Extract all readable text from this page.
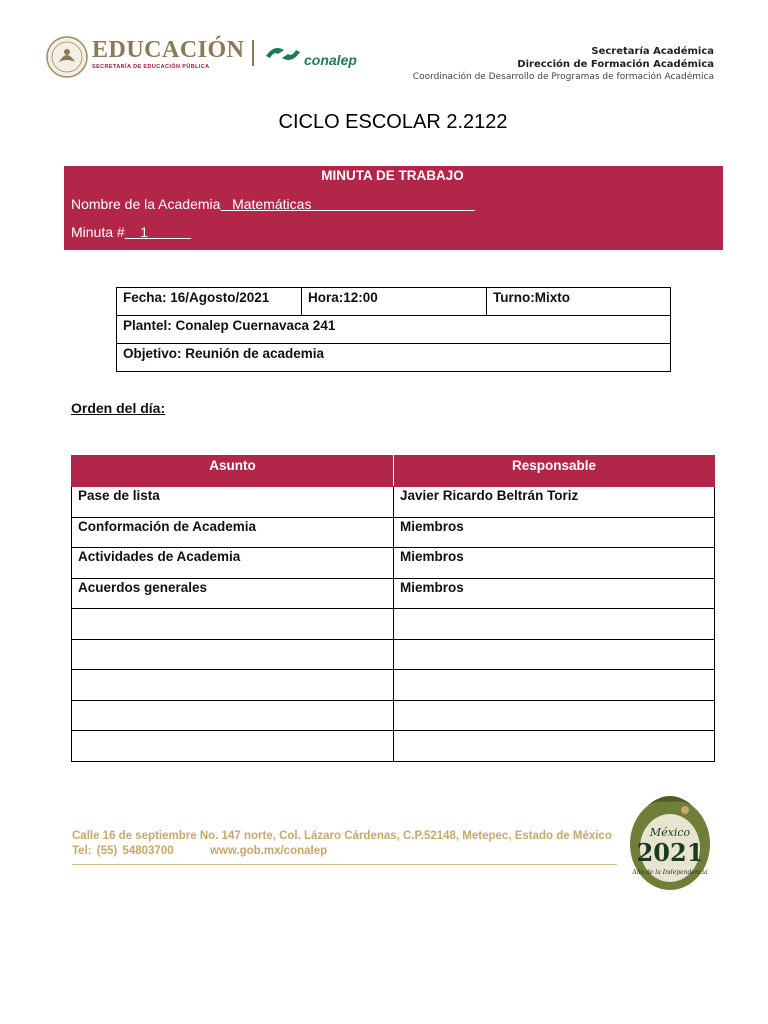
EDUCACIÓN
SECRETARÍA DE EDUCACIÓN PÚBLICA	conalep
Secretaría Académica
Dirección de Formación Académica
Coordinación de Desarrollo de Programas de formación Académica
CICLO ESCOLAR 2.2122
MINUTA DE TRABAJO
Nombre de la Academia   Matemáticas
Minuta #    1
Fecha: 16/Agosto/2021	Hora:12:00	Turno:Mixto
Plantel: Conalep Cuernavaca 241
Objetivo: Reunión de academia
Orden del día:
Asunto	Responsable
Pase de lista	Javier Ricardo Beltrán Toriz
Conformación de Academia	Miembros
Actividades de Academia	Miembros
Acuerdos generales	Miembros

Calle 16 de septiembre No. 147 norte, Col. Lázaro Cárdenas, C.P.52148, Metepec, Estado de México
Tel: (55) 54803700	www.gob.mx/conalep
México
2021
Año de la Independencia
